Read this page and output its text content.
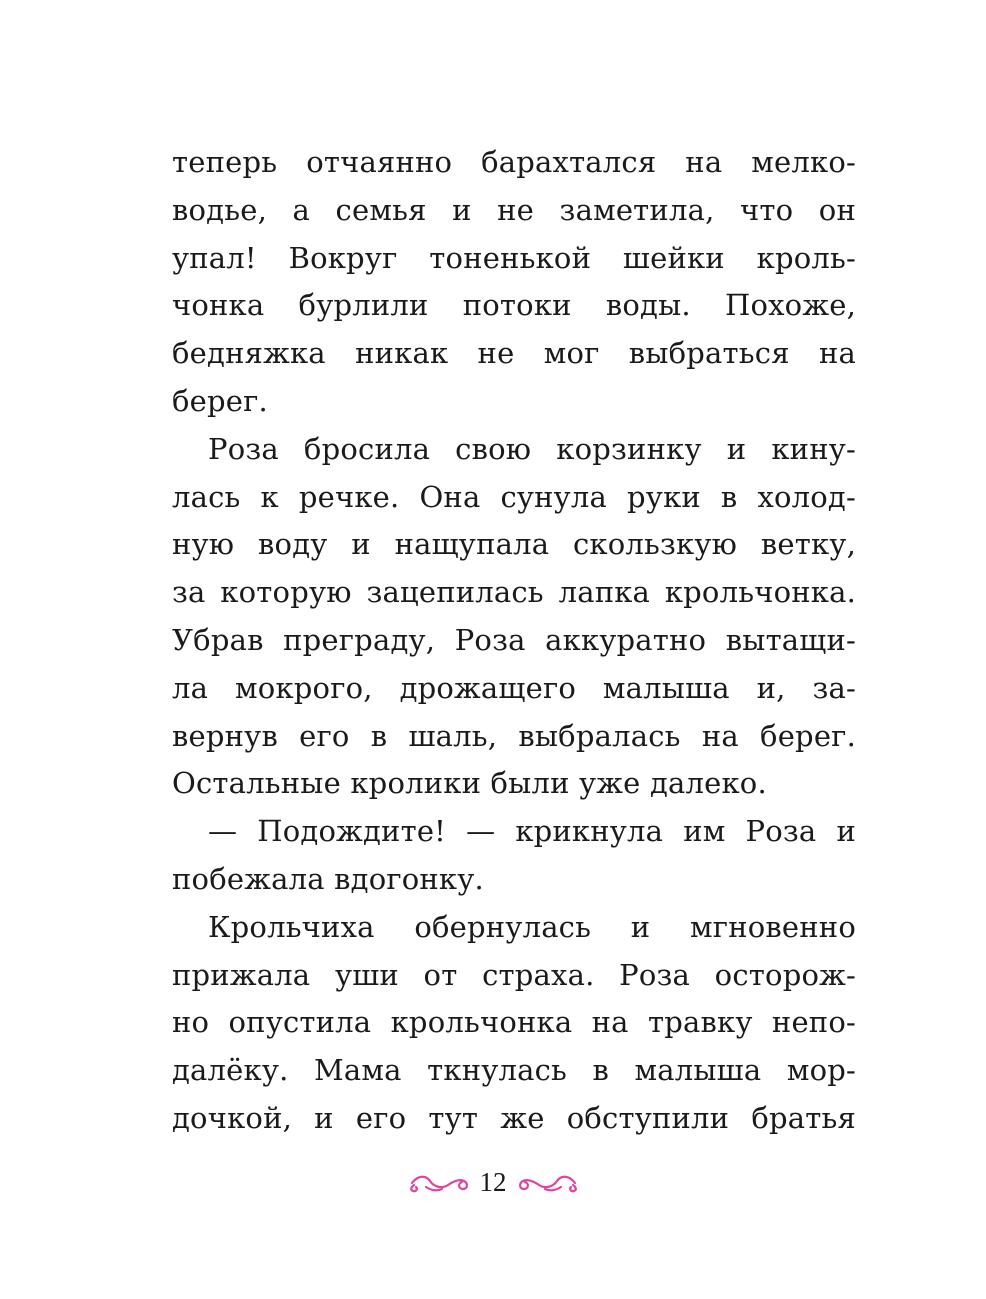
теперь отчаянно барахтался на мелко-
водье, а семья и не заметила, что он
упал! Вокруг тоненькой шейки кроль-
чонка бурлили потоки воды. Похоже,
бедняжка никак не мог выбраться на
берег.
Роза бросила свою корзинку и кину-
лась к речке. Она сунула руки в холод-
ную воду и нащупала скользкую ветку,
за которую зацепилась лапка крольчонка.
Убрав преграду, Роза аккуратно вытащи-
ла мокрого, дрожащего малыша и, за-
вернув его в шаль, выбралась на берег.
Остальные кролики были уже далеко.
— Подождите! — крикнула им Роза и
побежала вдогонку.
Крольчиха обернулась и мгновенно
прижала уши от страха. Роза осторож-
но опустила крольчонка на травку непо-
далёку. Мама ткнулась в малыша мор-
дочкой, и его тут же обступили братья
12
